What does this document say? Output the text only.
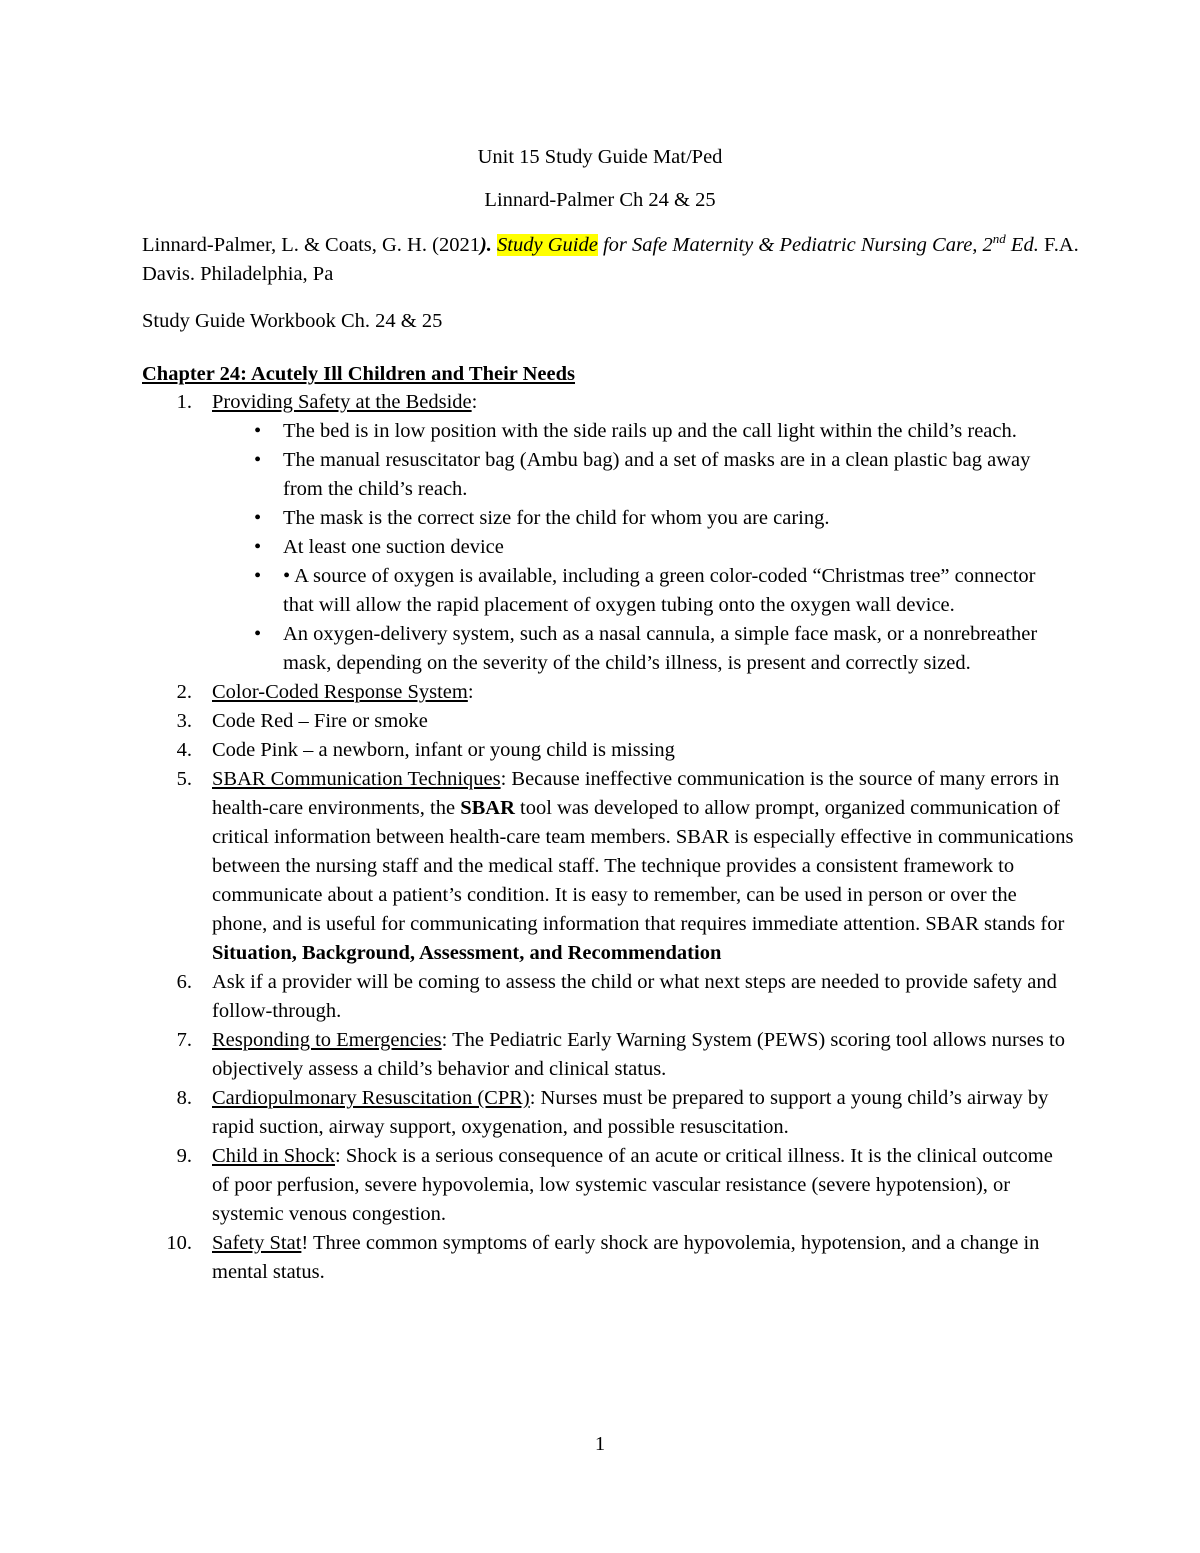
Unit 15 Study Guide Mat/Ped
Linnard-Palmer Ch 24 & 25
Linnard-Palmer, L. & Coats, G. H. (2021). Study Guide for Safe Maternity & Pediatric Nursing Care, 2nd Ed. F.A. Davis. Philadelphia, Pa
Study Guide Workbook Ch. 24 & 25
Chapter 24: Acutely Ill Children and Their Needs
1. Providing Safety at the Bedside:
• The bed is in low position with the side rails up and the call light within the child’s reach.
• The manual resuscitator bag (Ambu bag) and a set of masks are in a clean plastic bag away from the child’s reach.
• The mask is the correct size for the child for whom you are caring.
• At least one suction device
• • A source of oxygen is available, including a green color-coded “Christmas tree” connector that will allow the rapid placement of oxygen tubing onto the oxygen wall device.
• An oxygen-delivery system, such as a nasal cannula, a simple face mask, or a nonrebreather mask, depending on the severity of the child’s illness, is present and correctly sized.
2. Color-Coded Response System:
3. Code Red – Fire or smoke
4. Code Pink – a newborn, infant or young child is missing
5. SBAR Communication Techniques: Because ineffective communication is the source of many errors in health-care environments, the SBAR tool was developed to allow prompt, organized communication of critical information between health-care team members. SBAR is especially effective in communications between the nursing staff and the medical staff. The technique provides a consistent framework to communicate about a patient’s condition. It is easy to remember, can be used in person or over the phone, and is useful for communicating information that requires immediate attention. SBAR stands for Situation, Background, Assessment, and Recommendation
6. Ask if a provider will be coming to assess the child or what next steps are needed to provide safety and follow-through.
7. Responding to Emergencies: The Pediatric Early Warning System (PEWS) scoring tool allows nurses to objectively assess a child’s behavior and clinical status.
8. Cardiopulmonary Resuscitation (CPR): Nurses must be prepared to support a young child’s airway by rapid suction, airway support, oxygenation, and possible resuscitation.
9. Child in Shock: Shock is a serious consequence of an acute or critical illness. It is the clinical outcome of poor perfusion, severe hypovolemia, low systemic vascular resistance (severe hypotension), or systemic venous congestion.
10. Safety Stat! Three common symptoms of early shock are hypovolemia, hypotension, and a change in mental status.
1
